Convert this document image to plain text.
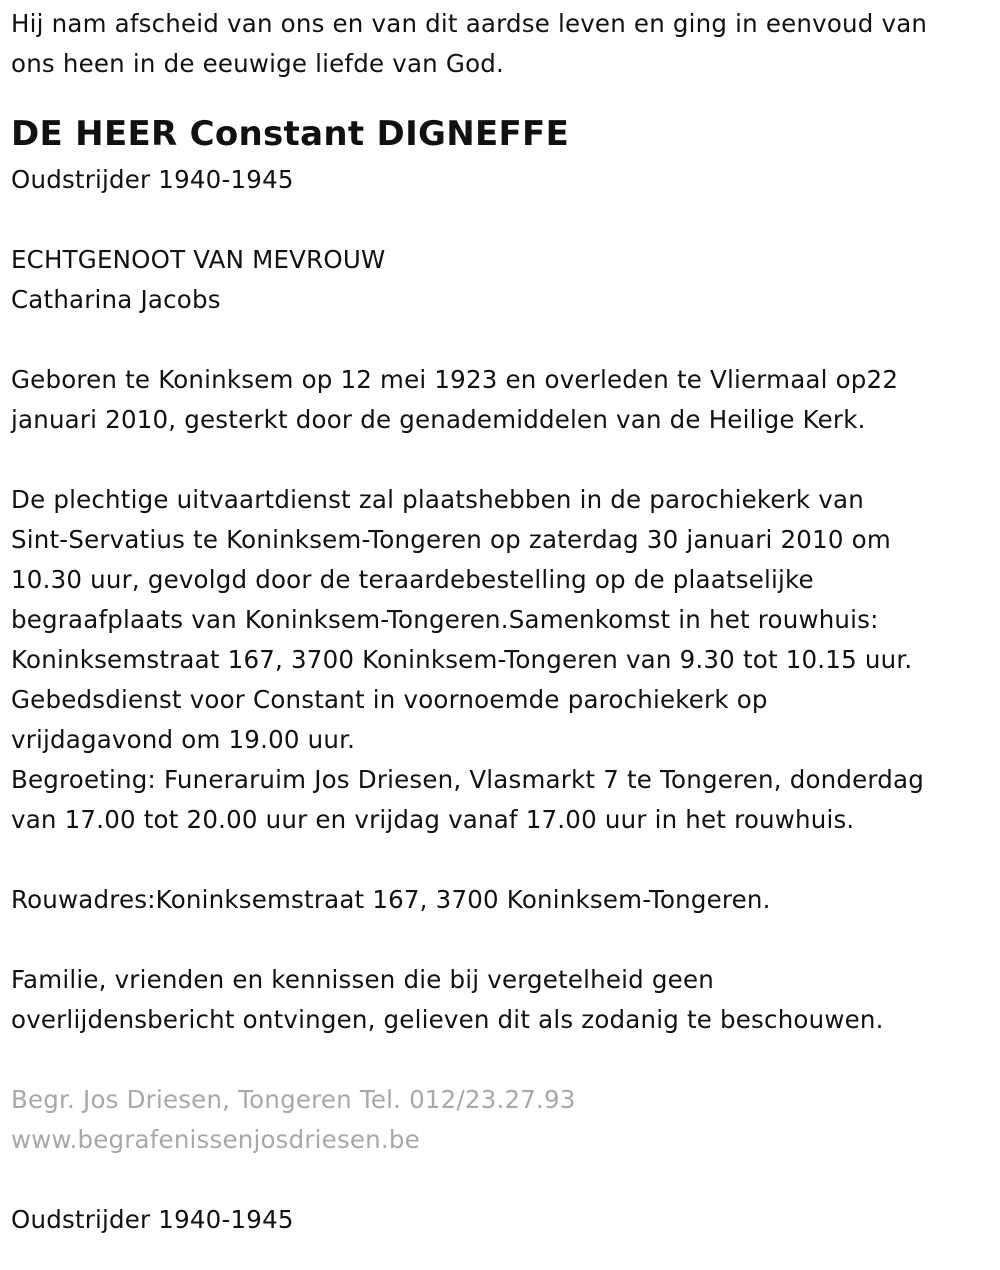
Hij nam afscheid van ons en van dit aardse leven en ging in eenvoud van
ons heen in de eeuwige liefde van God.
DE HEER Constant DIGNEFFE
Oudstrijder 1940-1945
ECHTGENOOT VAN MEVROUW
Catharina Jacobs
Geboren te Koninksem op 12 mei 1923 en overleden te Vliermaal op22
januari 2010, gesterkt door de genademiddelen van de Heilige Kerk.
De plechtige uitvaartdienst zal plaatshebben in de parochiekerk van
Sint-Servatius te Koninksem-Tongeren op zaterdag 30 januari 2010 om
10.30 uur, gevolgd door de teraardebestelling op de plaatselijke
begraafplaats van Koninksem-Tongeren.Samenkomst in het rouwhuis:
Koninksemstraat 167, 3700 Koninksem-Tongeren van 9.30 tot 10.15 uur.
Gebedsdienst voor Constant in voornoemde parochiekerk op
vrijdagavond om 19.00 uur.
Begroeting: Funeraruim Jos Driesen, Vlasmarkt 7 te Tongeren, donderdag
van 17.00 tot 20.00 uur en vrijdag vanaf 17.00 uur in het rouwhuis.
Rouwadres:Koninksemstraat 167, 3700 Koninksem-Tongeren.
Familie, vrienden en kennissen die bij vergetelheid geen
overlijdensbericht ontvingen, gelieven dit als zodanig te beschouwen.
Begr. Jos Driesen, Tongeren Tel. 012/23.27.93
www.begrafenissenjosdriesen.be
Oudstrijder 1940-1945
